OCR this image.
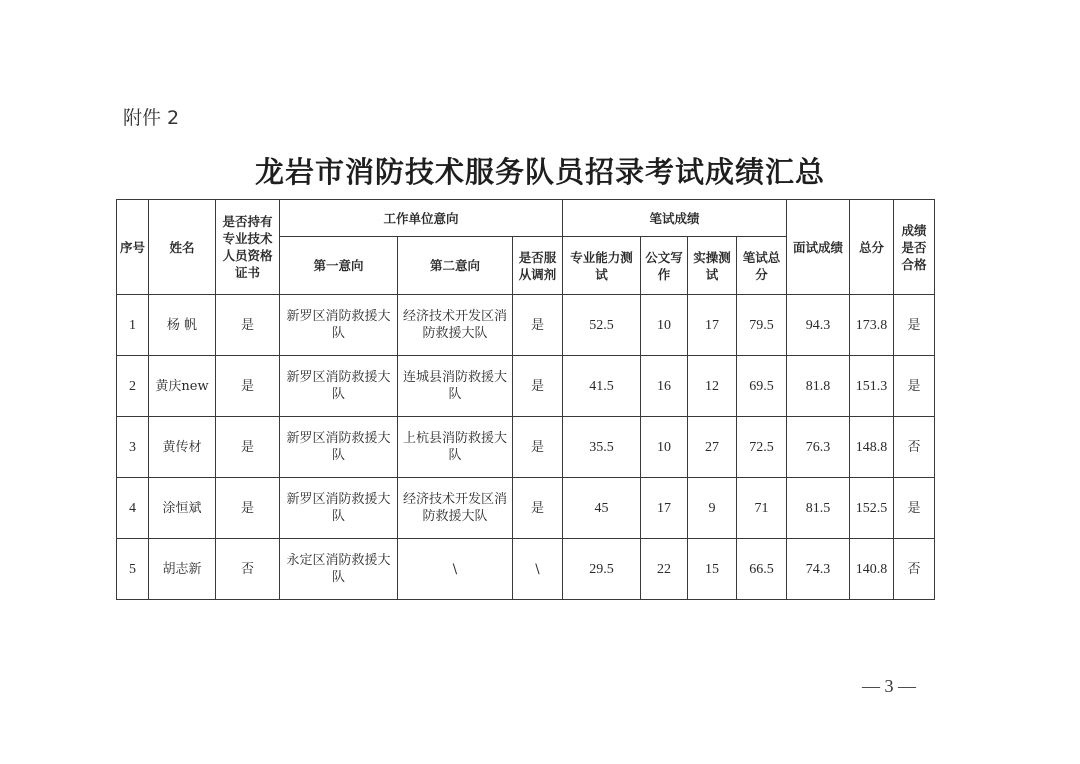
附件 2
龙岩市消防技术服务队员招录考试成绩汇总
序号	姓名	是否持有专业技术人员资格证书	工作单位意向			笔试成绩				面试成绩	总分	成绩是否合格
			第一意向	第二意向	是否服从调剂	专业能力测试	公文写作	实操测试	笔试总分			
1	杨 帆	是	新罗区消防救援大队	经济技术开发区消防救援大队	是	52.5	10	17	79.5	94.3	173.8	是
2	黄庆new	是	新罗区消防救援大队	连城县消防救援大队	是	41.5	16	12	69.5	81.8	151.3	是
3	黄传材	是	新罗区消防救援大队	上杭县消防救援大队	是	35.5	10	27	72.5	76.3	148.8	否
4	涂恒斌	是	新罗区消防救援大队	经济技术开发区消防救援大队	是	45	17	9	71	81.5	152.5	是
5	胡志新	否	永定区消防救援大队	\	\	29.5	22	15	66.5	74.3	140.8	否
— 3 —
